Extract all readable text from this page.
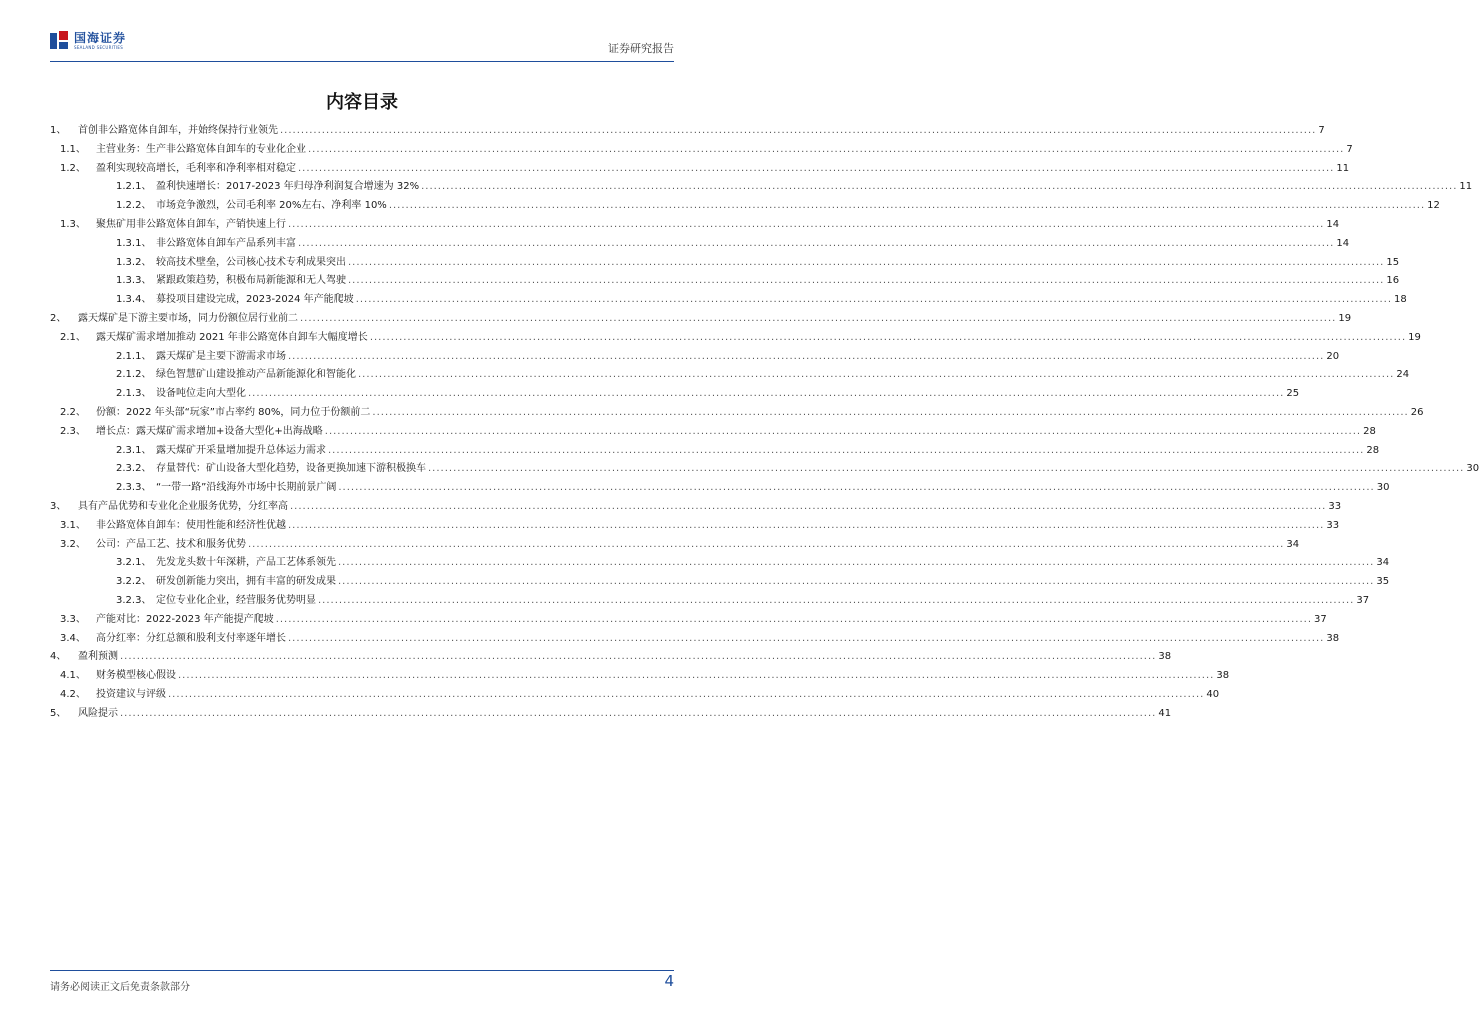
国海证券
SEALAND SECURITIES	证券研究报告
内容目录
1、	首创非公路宽体自卸车，并始终保持行业领先 .....	7
1.1、	主营业务：生产非公路宽体自卸车的专业化企业 .....	7
1.2、	盈利实现较高增长，毛利率和净利率相对稳定 .....	11
1.2.1、 盈利快速增长：2017-2023 年归母净利润复合增速为 32% .....	11
1.2.2、 市场竞争激烈，公司毛利率 20%左右、净利率 10% .....	12
1.3、	聚焦矿用非公路宽体自卸车，产销快速上行 .....	14
1.3.1、 非公路宽体自卸车产品系列丰富 .....	14
1.3.2、 较高技术壁垒，公司核心技术专利成果突出 .....	15
1.3.3、 紧跟政策趋势，积极布局新能源和无人驾驶 .....	16
1.3.4、 募投项目建设完成，2023-2024 年产能爬坡 .....	18
2、	露天煤矿是下游主要市场，同力份额位居行业前二 .....	19
2.1、	露天煤矿需求增加推动 2021 年非公路宽体自卸车大幅度增长 .....	19
2.1.1、 露天煤矿是主要下游需求市场 .....	20
2.1.2、 绿色智慧矿山建设推动产品新能源化和智能化 .....	24
2.1.3、 设备吨位走向大型化 .....	25
2.2、	份额：2022 年头部“玩家”市占率约 80%，同力位于份额前二 .....	26
2.3、	增长点：露天煤矿需求增加+设备大型化+出海战略 .....	28
2.3.1、 露天煤矿开采量增加提升总体运力需求 .....	28
2.3.2、 存量替代：矿山设备大型化趋势，设备更换加速下游积极换车 .....	30
2.3.3、 “一带一路”沿线海外市场中长期前景广阔 .....	30
3、	具有产品优势和专业化企业服务优势，分红率高 .....	33
3.1、	非公路宽体自卸车：使用性能和经济性优越 .....	33
3.2、	公司：产品工艺、技术和服务优势 .....	34
3.2.1、 先发龙头数十年深耕，产品工艺体系领先 .....	34
3.2.2、 研发创新能力突出，拥有丰富的研发成果 .....	35
3.2.3、 定位专业化企业，经营服务优势明显 .....	37
3.3、	产能对比：2022-2023 年产能提产爬坡 .....	37
3.4、	高分红率：分红总额和股利支付率逐年增长 .....	38
4、	盈利预测 .....	38
4.1、	财务模型核心假设 .....	38
4.2、	投资建议与评级 .....	40
5、	风险提示 .....	41
请务必阅读正文后免责条款部分	4
